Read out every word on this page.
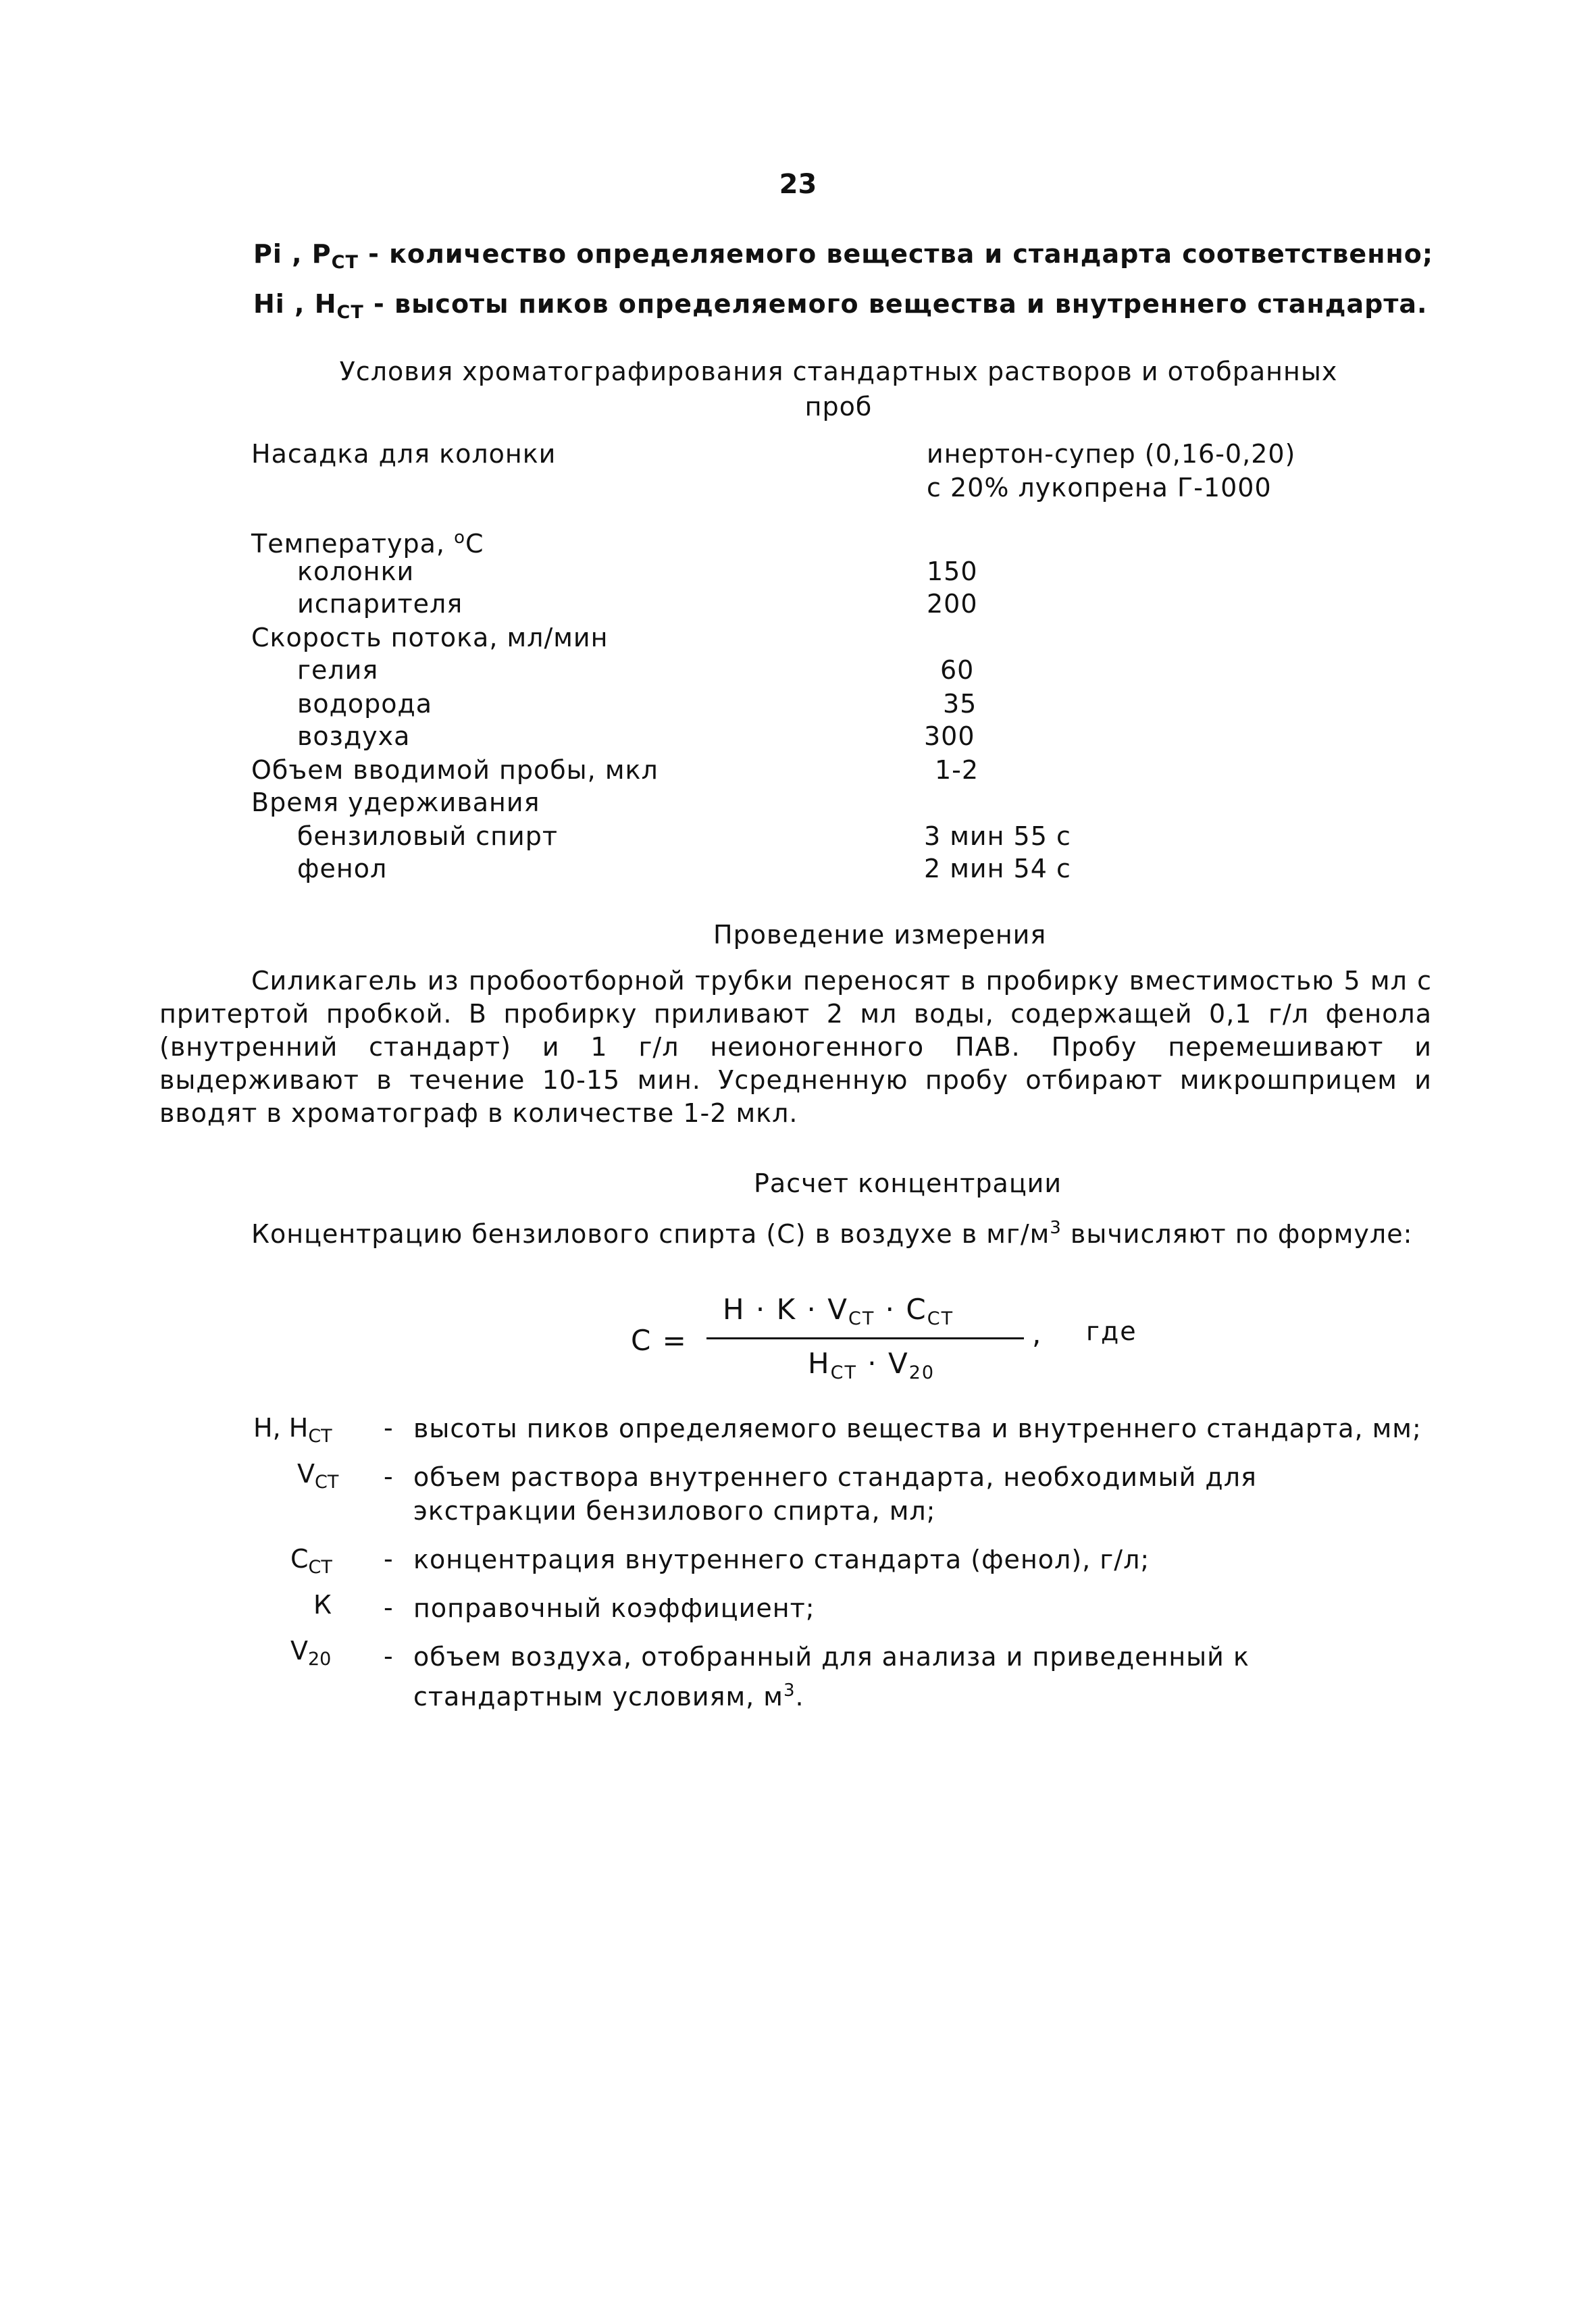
23
Pi , $P_{СТ}$ - количество определяемого вещества и стандарта соответственно;
Hi , $H_{СТ}$ - высоты пиков определяемого вещества и внутреннего стандарта.
Условия хроматографирования стандартных растворов и отобранных
проб
Насадка для колонки	инертон-супер (0,16-0,20)
с 20% лукопрена Г-1000
Температура, $^o$C
колонки	150
испарителя	200
Скорость потока, мл/мин
гелия	60
водорода	35
воздуха	300
Объем вводимой пробы, мкл	1-2
Время удерживания
бензиловый спирт	3 мин 55 с
фенол	2 мин 54 с
Проведение измерения
Силикагель из пробоотборной трубки переносят в пробирку вместимостью 5 мл с притертой пробкой. В пробирку приливают 2 мл воды, содержащей 0,1 г/л фенола (внутренний стандарт) и 1 г/л неионогенного ПАВ. Пробу перемешивают и выдерживают в течение 10-15 мин. Усредненную пробу отбирают микрошприцем и вводят в хроматограф в количестве 1-2 мкл.
Расчет концентрации
Концентрацию бензилового спирта (С) в воздухе в $мг/м^3$ вычисляют по формуле:
С =
$H \cdot K \cdot V_{СТ} \cdot C_{СТ}$	,
$H_{СТ} \cdot V_{20}$
где
Н, $Н_{СТ}$ - высоты пиков определяемого вещества и внутреннего стандарта, мм;
$V_{СТ}$ - объем раствора внутреннего стандарта, необходимый для экстракции бензилового спирта, мл;
$С_{СТ}$ - концентрация внутреннего стандарта (фенол), г/л;
К - поправочный коэффициент;
$V_{20}$ - объем воздуха, отобранный для анализа и приведенный к стандартным условиям, $м^3$.
